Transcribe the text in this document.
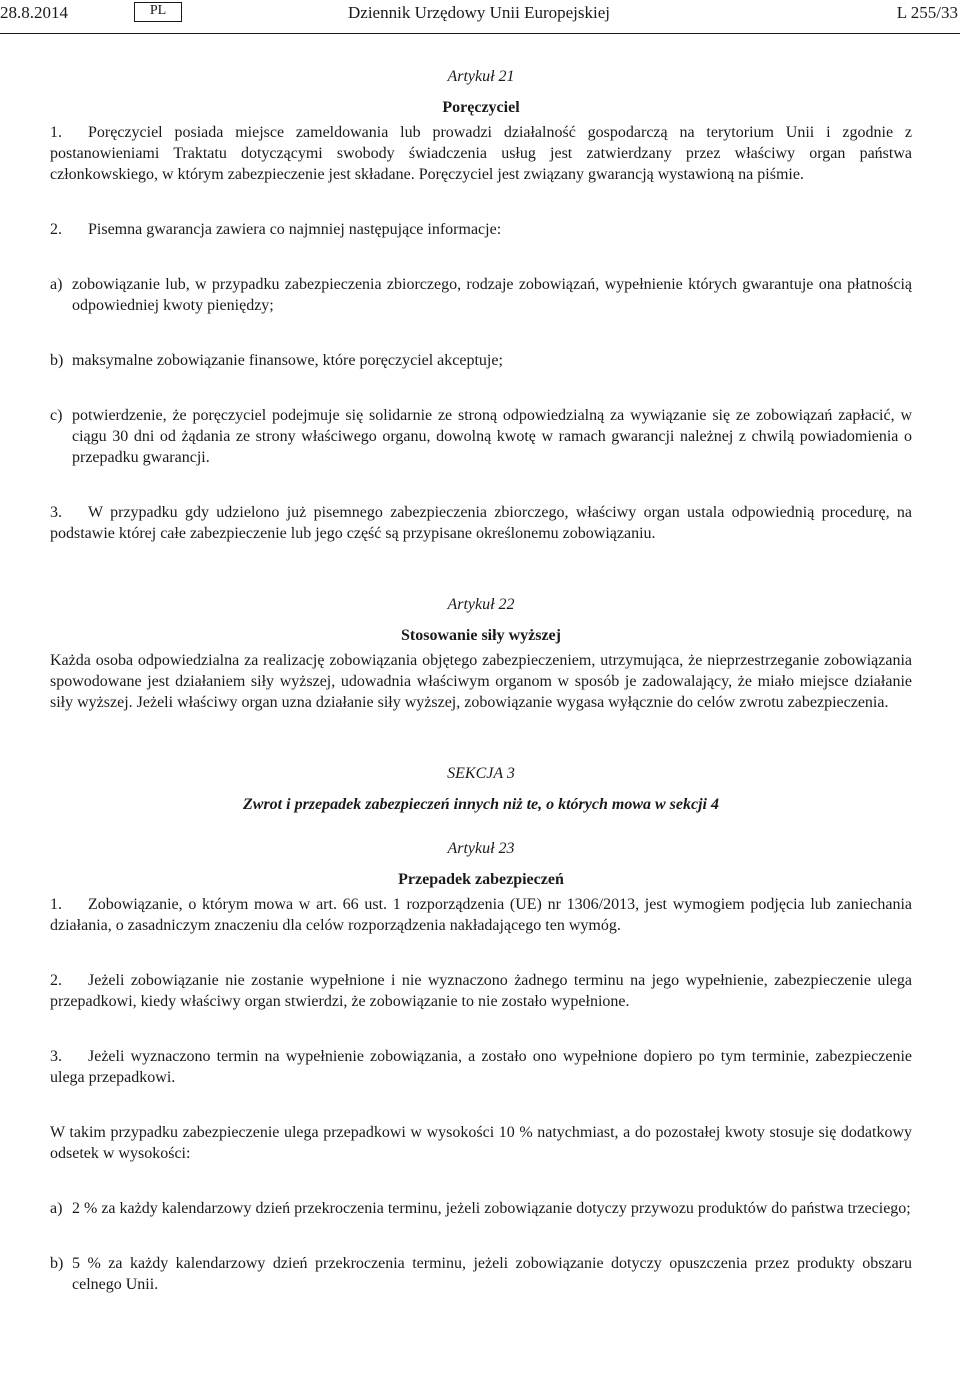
28.8.2014	PL	Dziennik Urzędowy Unii Europejskiej	L 255/33
Artykuł 21
Poręczyciel

1. Poręczyciel posiada miejsce zameldowania lub prowadzi działalność gospodarczą na terytorium Unii i zgodnie z postanowieniami Traktatu dotyczącymi swobody świadczenia usług jest zatwierdzany przez właściwy organ państwa członkowskiego, w którym zabezpieczenie jest składane. Poręczyciel jest związany gwarancją wystawioną na piśmie.

2. Pisemna gwarancja zawiera co najmniej następujące informacje:

a) zobowiązanie lub, w przypadku zabezpieczenia zbiorczego, rodzaje zobowiązań, wypełnienie których gwarantuje ona płatnością odpowiedniej kwoty pieniędzy;
b) maksymalne zobowiązanie finansowe, które poręczyciel akceptuje;
c) potwierdzenie, że poręczyciel podejmuje się solidarnie ze stroną odpowiedzialną za wywiązanie się ze zobowiązań zapłacić, w ciągu 30 dni od żądania ze strony właściwego organu, dowolną kwotę w ramach gwarancji należnej z chwilą powiadomienia o przepadku gwarancji.

3. W przypadku gdy udzielono już pisemnego zabezpieczenia zbiorczego, właściwy organ ustala odpowiednią procedurę, na podstawie której całe zabezpieczenie lub jego część są przypisane określonemu zobowiązaniu.

Artykuł 22
Stosowanie siły wyższej

Każda osoba odpowiedzialna za realizację zobowiązania objętego zabezpieczeniem, utrzymująca, że nieprzestrzeganie zobowiązania spowodowane jest działaniem siły wyższej, udowadnia właściwym organom w sposób je zadowalający, że miało miejsce działanie siły wyższej. Jeżeli właściwy organ uzna działanie siły wyższej, zobowiązanie wygasa wyłącznie do celów zwrotu zabezpieczenia.

SEKCJA 3
Zwrot i przepadek zabezpieczeń innych niż te, o których mowa w sekcji 4
Artykuł 23
Przepadek zabezpieczeń

1. Zobowiązanie, o którym mowa w art. 66 ust. 1 rozporządzenia (UE) nr 1306/2013, jest wymogiem podjęcia lub zaniechania działania, o zasadniczym znaczeniu dla celów rozporządzenia nakładającego ten wymóg.

2. Jeżeli zobowiązanie nie zostanie wypełnione i nie wyznaczono żadnego terminu na jego wypełnienie, zabezpieczenie ulega przepadkowi, kiedy właściwy organ stwierdzi, że zobowiązanie to nie zostało wypełnione.

3. Jeżeli wyznaczono termin na wypełnienie zobowiązania, a zostało ono wypełnione dopiero po tym terminie, zabezpieczenie ulega przepadkowi.

W takim przypadku zabezpieczenie ulega przepadkowi w wysokości 10 % natychmiast, a do pozostałej kwoty stosuje się dodatkowy odsetek w wysokości:

a) 2 % za każdy kalendarzowy dzień przekroczenia terminu, jeżeli zobowiązanie dotyczy przywozu produktów do państwa trzeciego;
b) 5 % za każdy kalendarzowy dzień przekroczenia terminu, jeżeli zobowiązanie dotyczy opuszczenia przez produkty obszaru celnego Unii.
